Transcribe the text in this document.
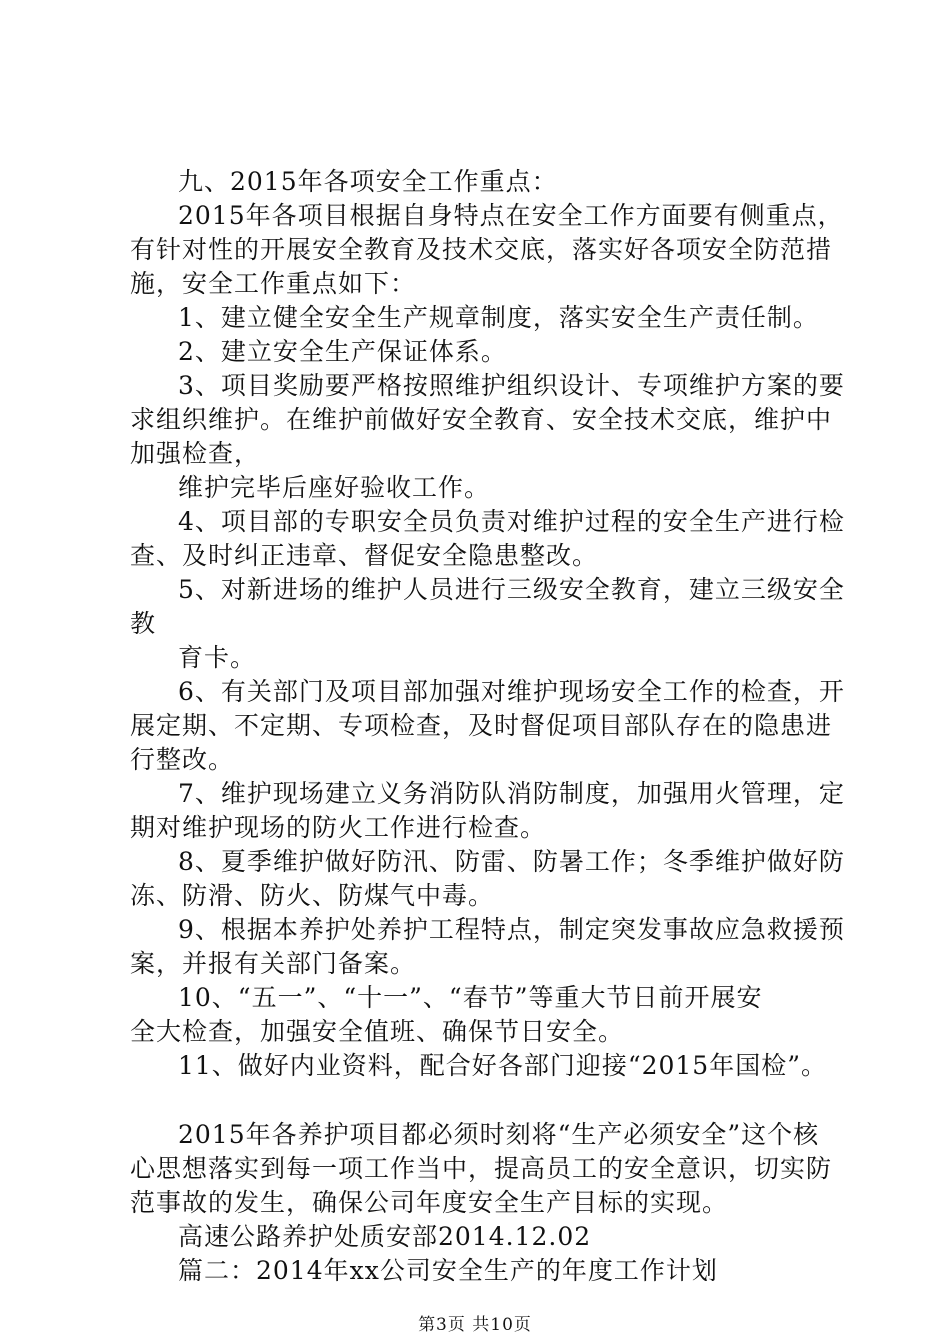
九、2015年各项安全工作重点：
2015年各项目根据自身特点在安全工作方面要有侧重点，
有针对性的开展安全教育及技术交底，落实好各项安全防范措
施，安全工作重点如下：
1、建立健全安全生产规章制度，落实安全生产责任制。
2、建立安全生产保证体系。
3、项目奖励要严格按照维护组织设计、专项维护方案的要
求组织维护。在维护前做好安全教育、安全技术交底，维护中
加强检查，
维护完毕后座好验收工作。
4、项目部的专职安全员负责对维护过程的安全生产进行检
查、及时纠正违章、督促安全隐患整改。
5、对新进场的维护人员进行三级安全教育，建立三级安全
教
育卡。
6、有关部门及项目部加强对维护现场安全工作的检查，开
展定期、不定期、专项检查，及时督促项目部队存在的隐患进
行整改。
7、维护现场建立义务消防队消防制度，加强用火管理，定
期对维护现场的防火工作进行检查。
8、夏季维护做好防汛、防雷、防暑工作；冬季维护做好防
冻、防滑、防火、防煤气中毒。
9、根据本养护处养护工程特点，制定突发事故应急救援预
案，并报有关部门备案。
10、“五一”、“十一”、“春节”等重大节日前开展安
全大检查，加强安全值班、确保节日安全。
11、做好内业资料，配合好各部门迎接“2015年国检”。
2015年各养护项目都必须时刻将“生产必须安全”这个核
心思想落实到每一项工作当中，提高员工的安全意识，切实防
范事故的发生，确保公司年度安全生产目标的实现。
高速公路养护处质安部2014.12.02
篇二：2014年xx公司安全生产的年度工作计划
第3页 共10页
